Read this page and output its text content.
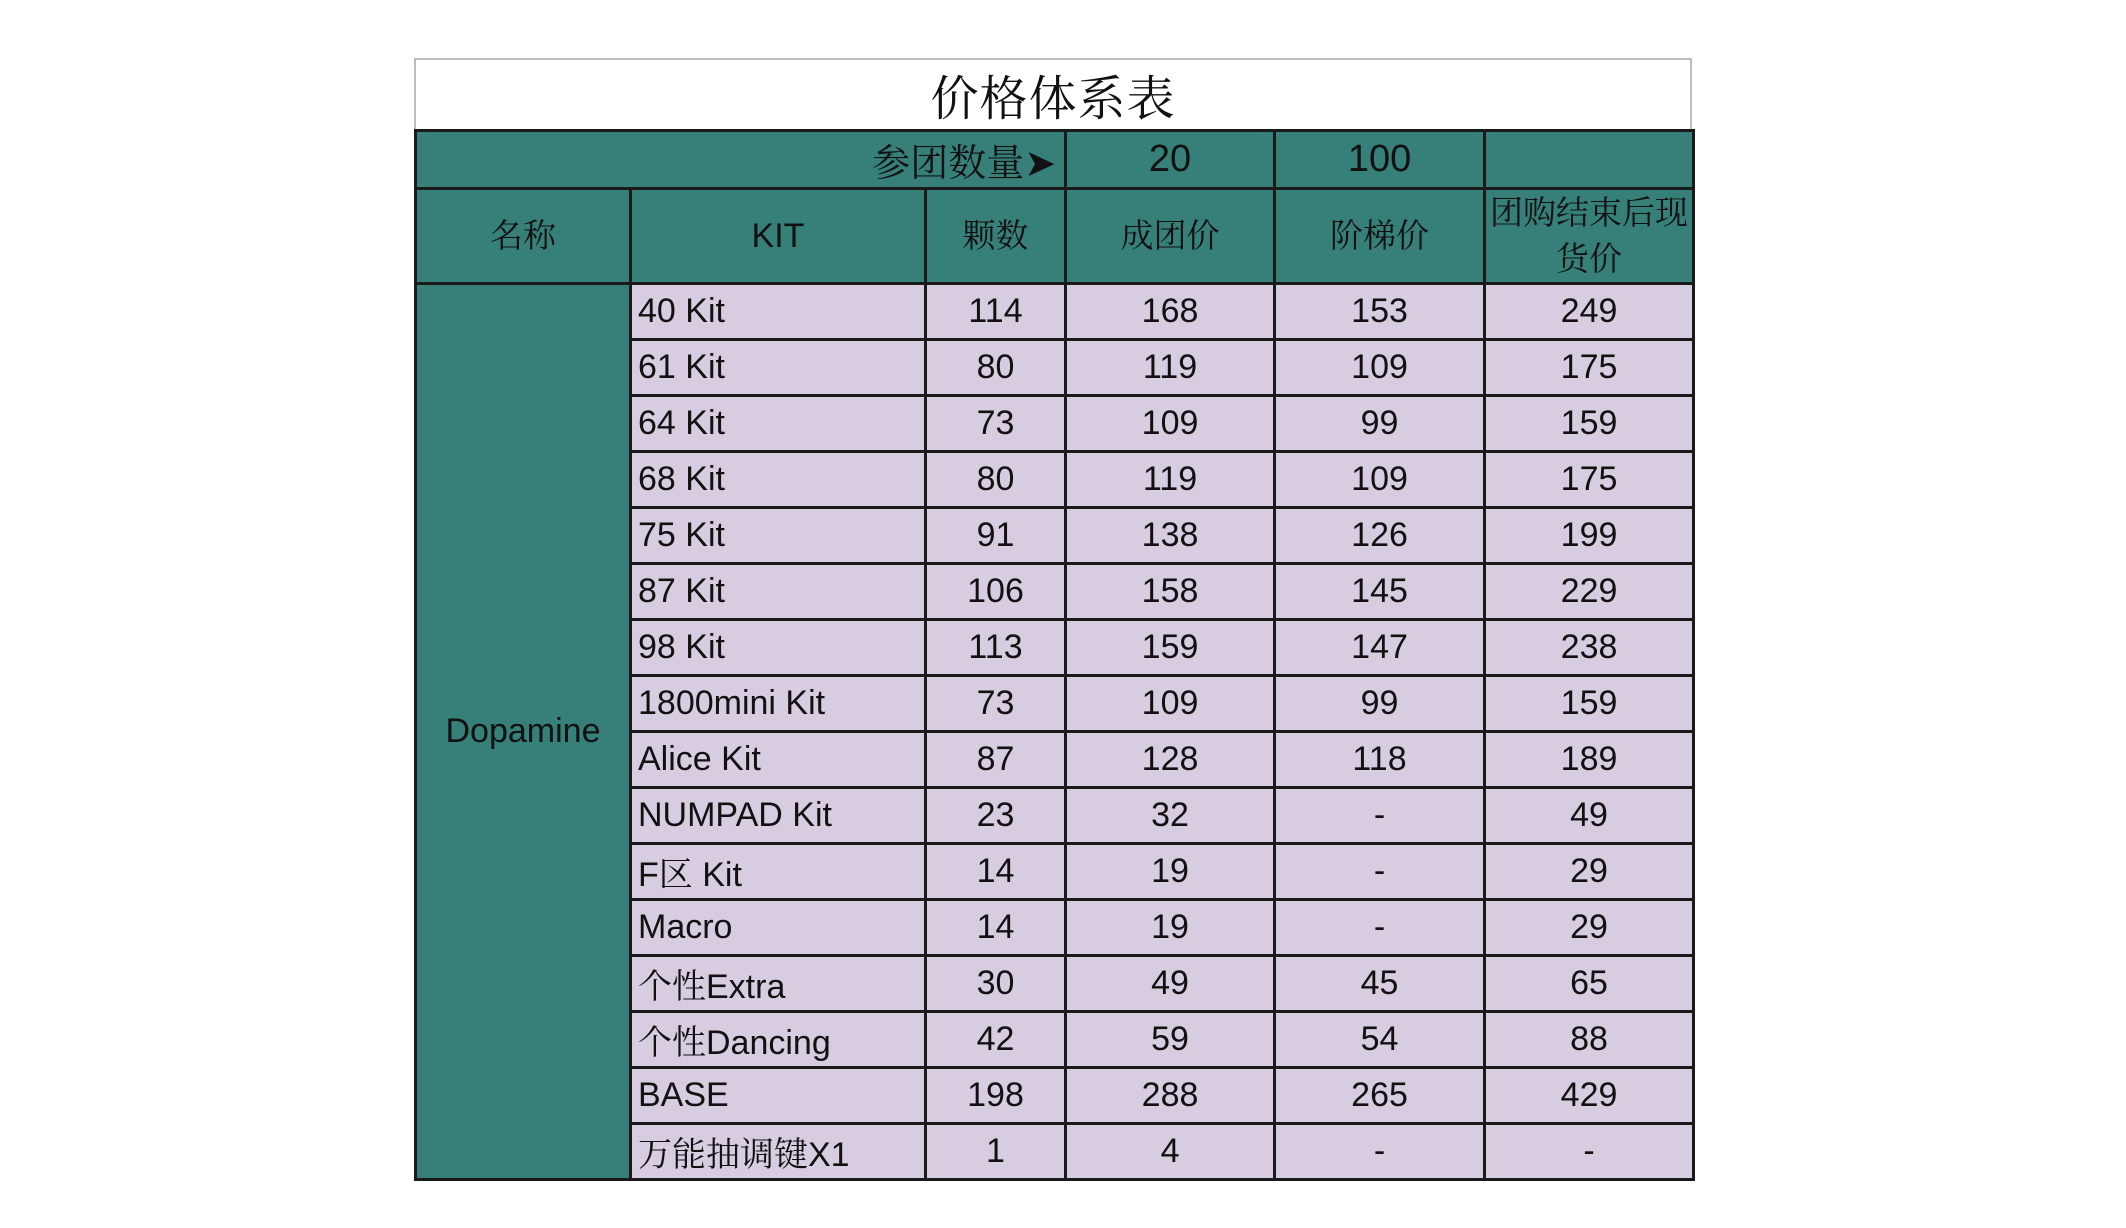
价格体系表
参团数量➤			20	100	
名称	KIT	颗数	成团价	阶梯价	团购结束后现货价
Dopamine	40 Kit	114	168	153	249
	61 Kit	80	119	109	175
	64 Kit	73	109	99	159
	68 Kit	80	119	109	175
	75 Kit	91	138	126	199
	87 Kit	106	158	145	229
	98 Kit	113	159	147	238
	1800mini Kit	73	109	99	159
	Alice Kit	87	128	118	189
	NUMPAD Kit	23	32	-	49
	F区 Kit	14	19	-	29
	Macro	14	19	-	29
	个性Extra	30	49	45	65
	个性Dancing	42	59	54	88
	BASE	198	288	265	429
	万能抽调键X1	1	4	-	-
